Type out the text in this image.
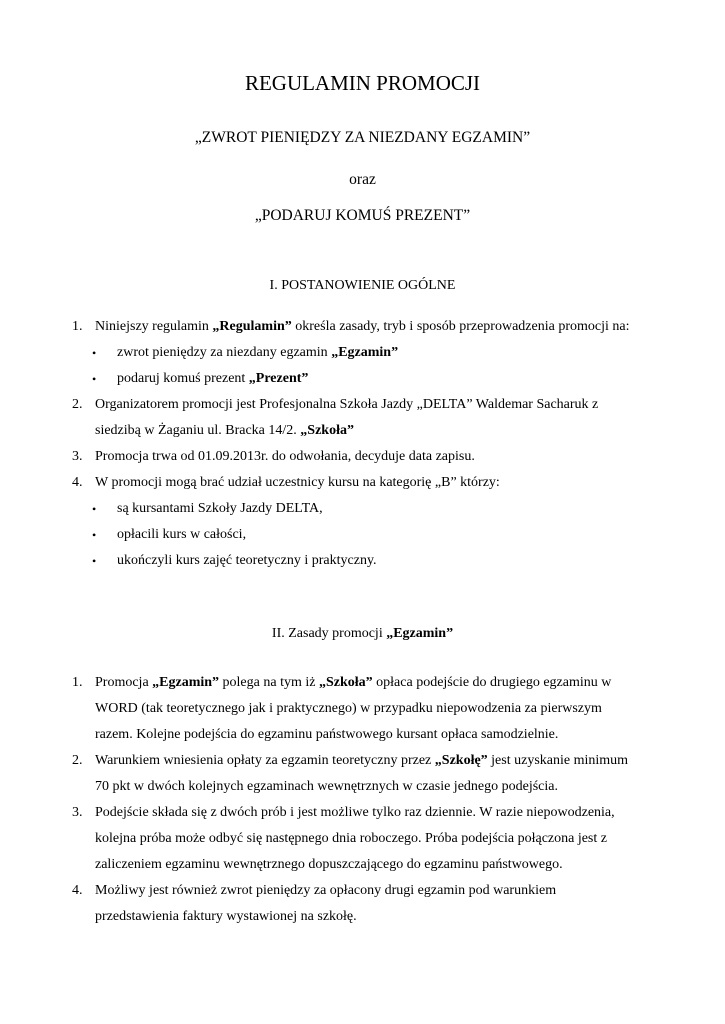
REGULAMIN PROMOCJI
„ZWROT PIENIĘDZY ZA NIEZDANY EGZAMIN”
oraz
„PODARUJ KOMUŚ PREZENT”
I. POSTANOWIENIE OGÓLNE
1. Niniejszy regulamin „Regulamin” określa zasady, tryb i sposób przeprowadzenia promocji na:
• zwrot pieniędzy za niezdany egzamin „Egzamin”
• podaruj komuś prezent „Prezent”
2. Organizatorem promocji jest Profesjonalna Szkoła Jazdy „DELTA” Waldemar Sacharuk z
siedzibą w Żaganiu ul. Bracka 14/2. „Szkoła”
3. Promocja trwa od 01.09.2013r. do odwołania, decyduje data zapisu.
4. W promocji mogą brać udział uczestnicy kursu na kategorię „B” którzy:
• są kursantami Szkoły Jazdy DELTA,
• opłacili kurs w całości,
• ukończyli kurs zajęć teoretyczny i praktyczny.
II. Zasady promocji „Egzamin”
1. Promocja „Egzamin” polega na tym iż „Szkoła” opłaca podejście do drugiego egzaminu w
WORD (tak teoretycznego jak i praktycznego) w przypadku niepowodzenia za pierwszym
razem. Kolejne podejścia do egzaminu państwowego kursant opłaca samodzielnie.
2. Warunkiem wniesienia opłaty za egzamin teoretyczny przez „Szkołę” jest uzyskanie minimum
70 pkt w dwóch kolejnych egzaminach wewnętrznych w czasie jednego podejścia.
3. Podejście składa się z dwóch prób i jest możliwe tylko raz dziennie. W razie niepowodzenia,
kolejna próba może odbyć się następnego dnia roboczego. Próba podejścia połączona jest z
zaliczeniem egzaminu wewnętrznego dopuszczającego do egzaminu państwowego.
4. Możliwy jest również zwrot pieniędzy za opłacony drugi egzamin pod warunkiem
przedstawienia faktury wystawionej na szkołę.
